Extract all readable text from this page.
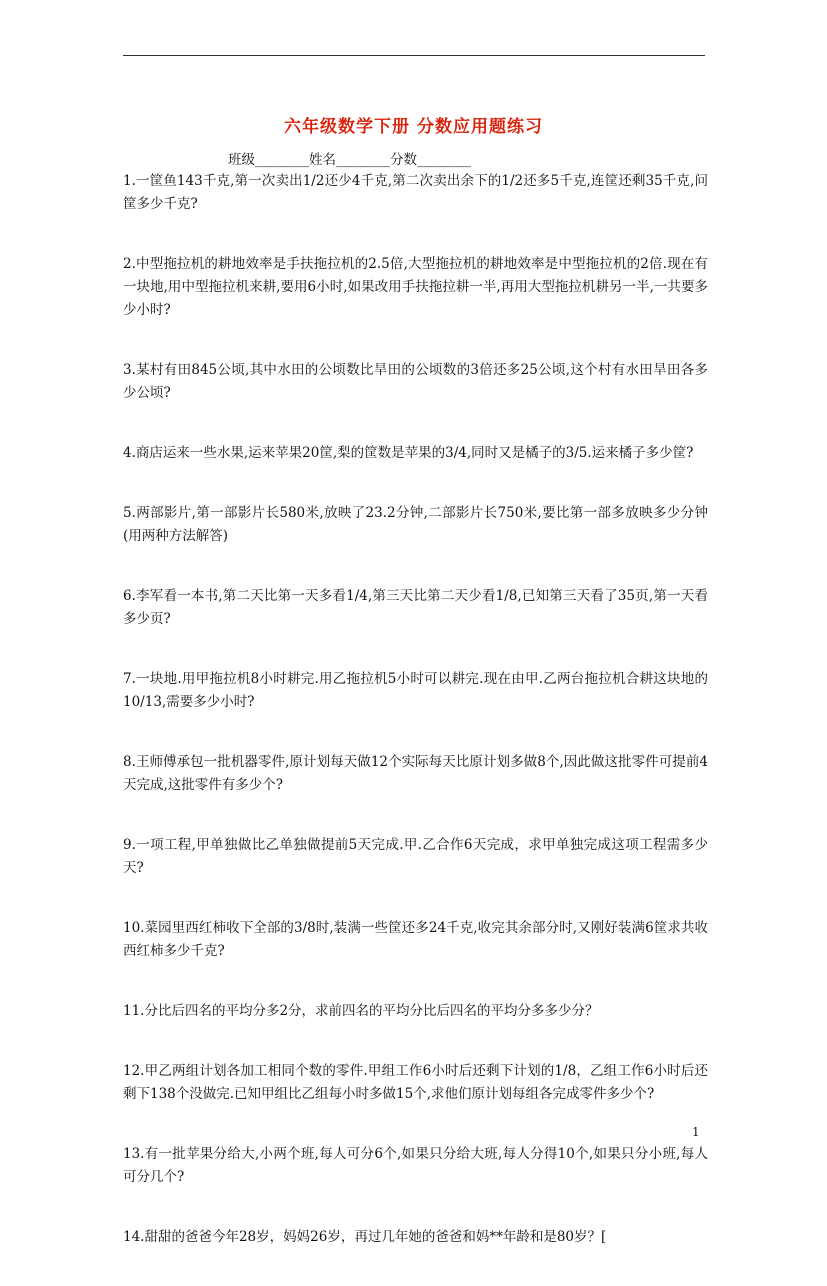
六年级数学下册 分数应用题练习
班级________姓名________分数________

1.一筐鱼143千克,第一次卖出1/2还少4千克,第二次卖出余下的1/2还多5千克,连筐还剩35千克,问筐多少千克?

2.中型拖拉机的耕地效率是手扶拖拉机的2.5倍,大型拖拉机的耕地效率是中型拖拉机的2倍.现在有一块地,用中型拖拉机来耕,要用6小时,如果改用手扶拖拉耕一半,再用大型拖拉机耕另一半,一共要多少小时?

3.某村有田845公顷,其中水田的公顷数比旱田的公顷数的3倍还多25公顷,这个村有水田旱田各多少公顷?

4.商店运来一些水果,运来苹果20筐,梨的筐数是苹果的3/4,同时又是橘子的3/5.运来橘子多少筐?

5.两部影片,第一部影片长580米,放映了23.2分钟,二部影片长750米,要比第一部多放映多少分钟(用两种方法解答)

6.李军看一本书,第二天比第一天多看1/4,第三天比第二天少看1/8,已知第三天看了35页,第一天看多少页?

7.一块地.用甲拖拉机8小时耕完.用乙拖拉机5小时可以耕完.现在由甲.乙两台拖拉机合耕这块地的10/13,需要多少小时?

8.王师傅承包一批机器零件,原计划每天做12个实际每天比原计划多做8个,因此做这批零件可提前4天完成,这批零件有多少个?

9.一项工程,甲单独做比乙单独做提前5天完成.甲.乙合作6天完成，求甲单独完成这项工程需多少天?

10.菜园里西红柿收下全部的3/8时,装满一些筐还多24千克,收完其余部分时,又刚好装满6筐求共收西红柿多少千克?

11.分比后四名的平均分多2分，求前四名的平均分比后四名的平均分多多少分？

12.甲乙两组计划各加工相同个数的零件.甲组工作6小时后还剩下计划的1/8，乙组工作6小时后还剩下138个没做完.已知甲组比乙组每小时多做15个,求他们原计划每组各完成零件多少个?

13.有一批苹果分给大,小两个班,每人可分6个,如果只分给大班,每人分得10个,如果只分小班,每人可分几个?

14.甜甜的爸爸今年28岁，妈妈26岁，再过几年她的爸爸和妈**年龄和是80岁？[

1
